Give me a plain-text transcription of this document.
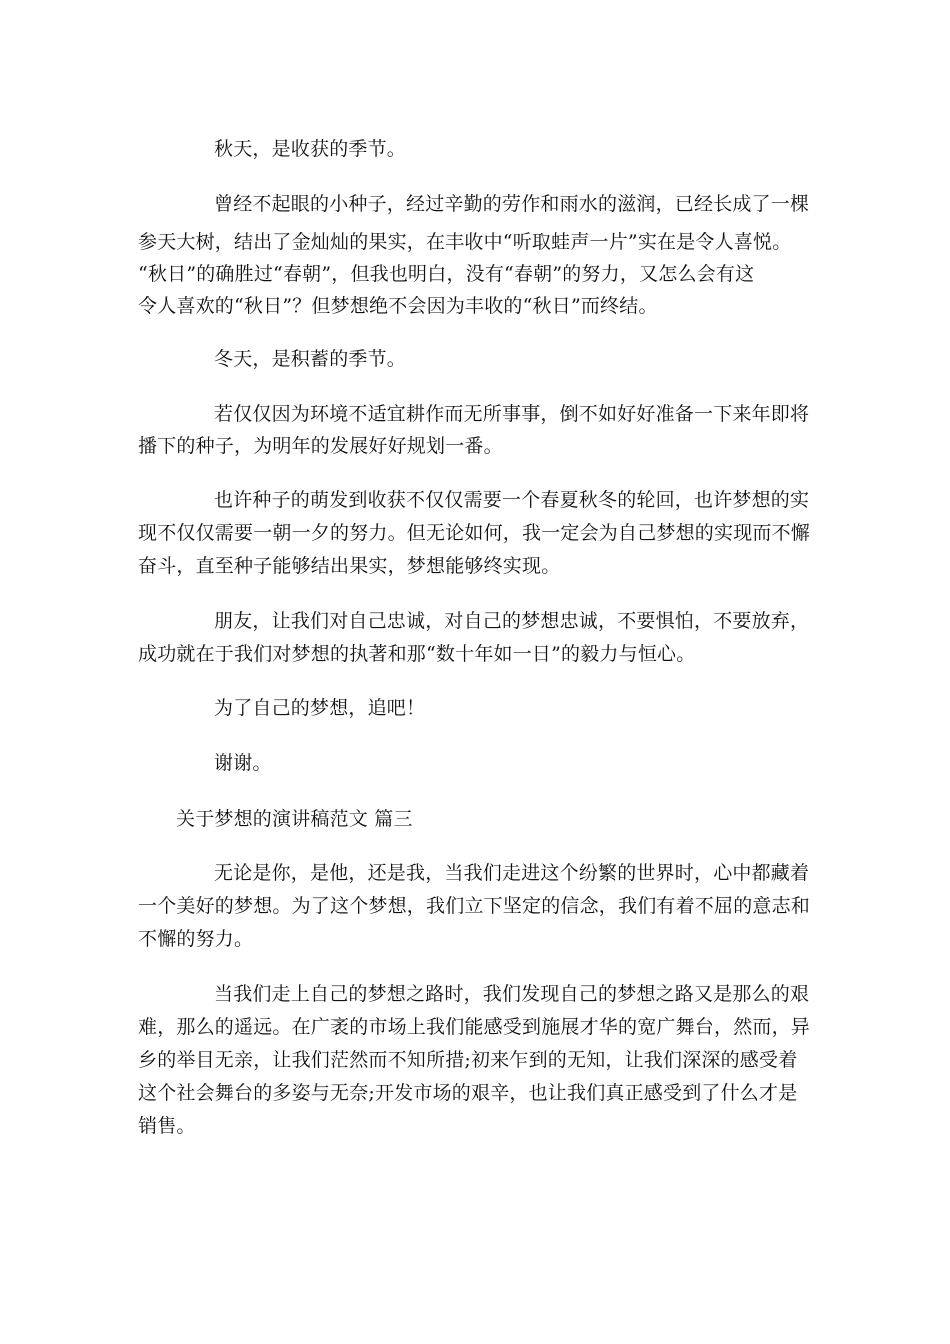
秋天，是收获的季节。
曾经不起眼的小种子，经过辛勤的劳作和雨水的滋润，已经长成了一棵
参天大树，结出了金灿灿的果实，在丰收中“听取蛙声一片”实在是令人喜悦。
“秋日”的确胜过“春朝”，但我也明白，没有“春朝”的努力，又怎么会有这
令人喜欢的“秋日”？但梦想绝不会因为丰收的“秋日”而终结。
冬天，是积蓄的季节。
若仅仅因为环境不适宜耕作而无所事事，倒不如好好准备一下来年即将
播下的种子，为明年的发展好好规划一番。
也许种子的萌发到收获不仅仅需要一个春夏秋冬的轮回，也许梦想的实
现不仅仅需要一朝一夕的努力。但无论如何，我一定会为自己梦想的实现而不懈
奋斗，直至种子能够结出果实，梦想能够终实现。
朋友，让我们对自己忠诚，对自己的梦想忠诚，不要惧怕，不要放弃，
成功就在于我们对梦想的执著和那“数十年如一日”的毅力与恒心。
为了自己的梦想，追吧！
谢谢。
关于梦想的演讲稿范文 篇三
无论是你，是他，还是我，当我们走进这个纷繁的世界时，心中都藏着
一个美好的梦想。为了这个梦想，我们立下坚定的信念，我们有着不屈的意志和
不懈的努力。
当我们走上自己的梦想之路时，我们发现自己的梦想之路又是那么的艰
难，那么的遥远。在广袤的市场上我们能感受到施展才华的宽广舞台，然而，异
乡的举目无亲，让我们茫然而不知所措;初来乍到的无知，让我们深深的感受着
这个社会舞台的多姿与无奈;开发市场的艰辛，也让我们真正感受到了什么才是
销售。
